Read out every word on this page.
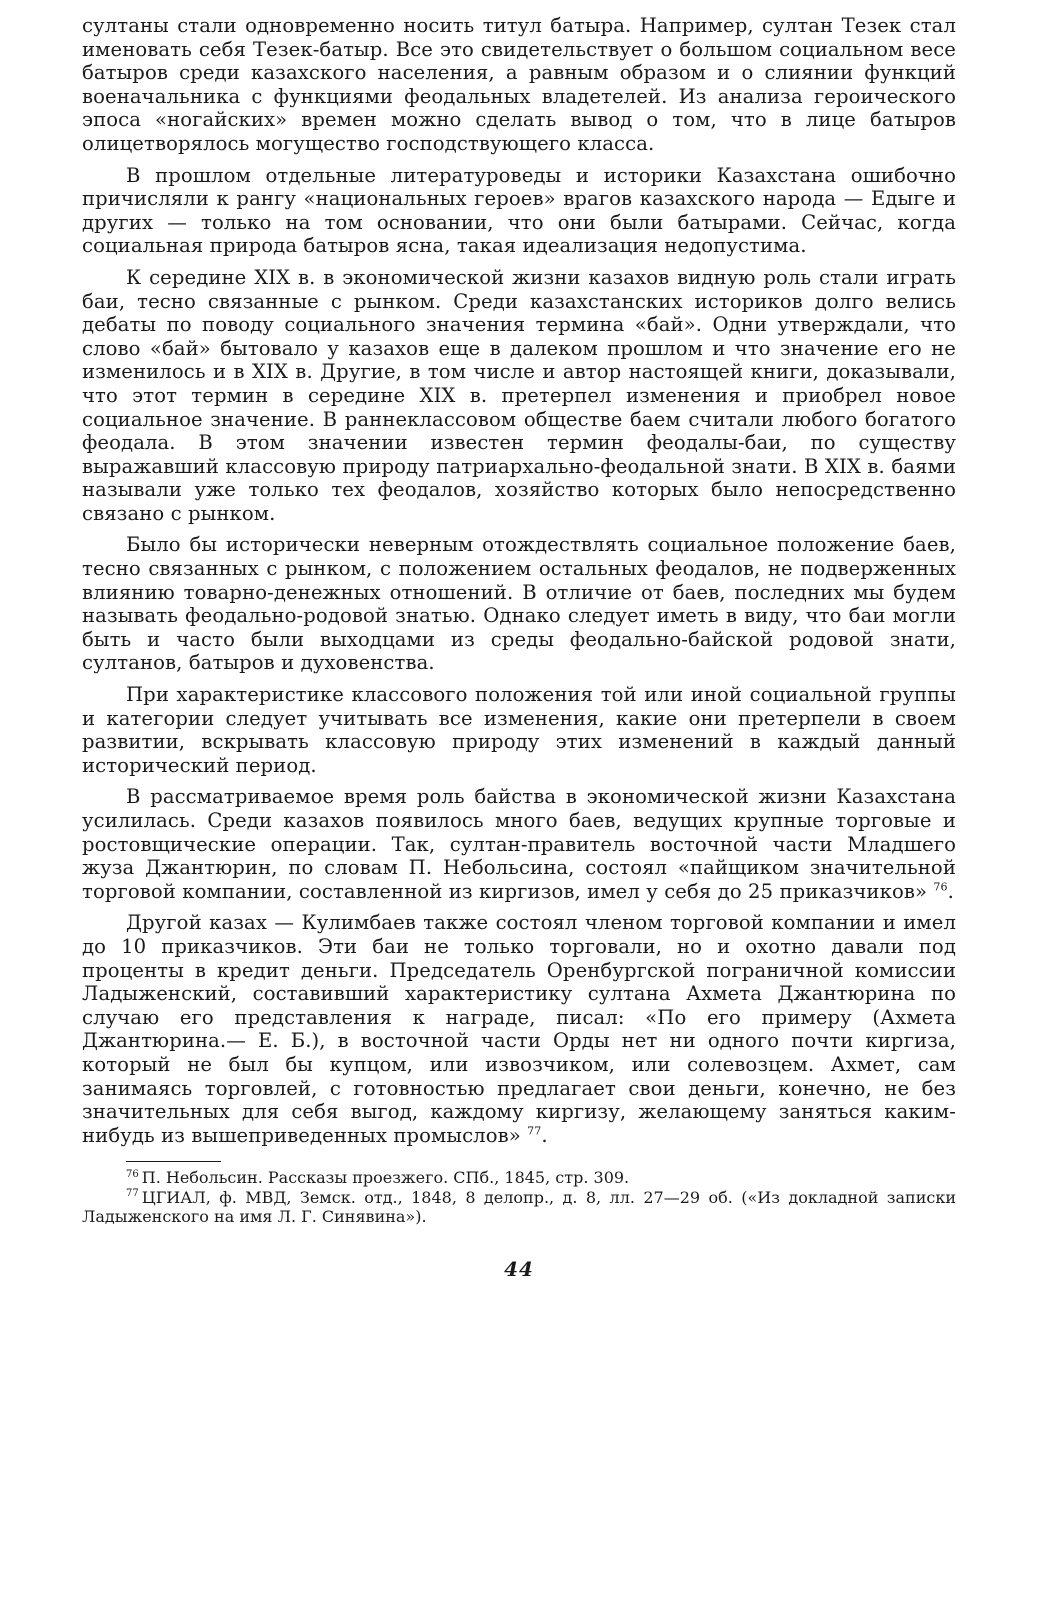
султаны стали одновременно носить титул батыра. Например, султан Тезек стал именовать себя Тезек-батыр. Все это свидетельствует о большом социальном весе батыров среди казахского населения, а равным образом и о слиянии функций военачальника с функциями феодальных владетелей. Из анализа героического эпоса «ногайских» времен можно сделать вывод о том, что в лице батыров олицетворялось могущество господствующего класса.

В прошлом отдельные литературоведы и историки Казахстана ошибочно причисляли к рангу «национальных героев» врагов казахского народа — Едыге и других — только на том основании, что они были батырами. Сейчас, когда социальная природа батыров ясна, такая идеализация недопустима.

К середине XIX в. в экономической жизни казахов видную роль стали играть баи, тесно связанные с рынком. Среди казахстанских историков долго велись дебаты по поводу социального значения термина «бай». Одни утверждали, что слово «бай» бытовало у казахов еще в далеком прошлом и что значение его не изменилось и в XIX в. Другие, в том числе и автор настоящей книги, доказывали, что этот термин в середине XIX в. претерпел изменения и приобрел новое социальное значение. В раннеклассовом обществе баем считали любого богатого феодала. В этом значении известен термин феодалы-баи, по существу выражавший классовую природу патриархально-феодальной знати. В XIX в. баями называли уже только тех феодалов, хозяйство которых было непосредственно связано с рынком.

Было бы исторически неверным отождествлять социальное положение баев, тесно связанных с рынком, с положением остальных феодалов, не подверженных влиянию товарно-денежных отношений. В отличие от баев, последних мы будем называть феодально-родовой знатью. Однако следует иметь в виду, что баи могли быть и часто были выходцами из среды феодально-байской родовой знати, султанов, батыров и духовенства.

При характеристике классового положения той или иной социальной группы и категории следует учитывать все изменения, какие они претерпели в своем развитии, вскрывать классовую природу этих изменений в каждый данный исторический период.

В рассматриваемое время роль байства в экономической жизни Казахстана усилилась. Среди казахов появилось много баев, ведущих крупные торговые и ростовщические операции. Так, султан-правитель восточной части Младшего жуза Джантюрин, по словам П. Небольсина, состоял «пайщиком значительной торговой компании, составленной из киргизов, имел у себя до 25 приказчиков» $^{76}$.

Другой казах — Кулимбаев также состоял членом торговой компании и имел до 10 приказчиков. Эти баи не только торговали, но и охотно давали под проценты в кредит деньги. Председатель Оренбургской пограничной комиссии Ладыженский, составивший характеристику султана Ахмета Джантюрина по случаю его представления к награде, писал: «По его примеру (Ахмета Джантюрина.— Е. Б.), в восточной части Орды нет ни одного почти киргиза, который не был бы купцом, или извозчиком, или солевозцем. Ахмет, сам занимаясь торговлей, с готовностью предлагает свои деньги, конечно, не без значительных для себя выгод, каждому киргизу, желающему заняться каким-нибудь из вышеприведенных промыслов» $^{77}$.

$^{76}$ П. Небольсин. Рассказы проезжего. СПб., 1845, стр. 309.

$^{77}$ ЦГИАЛ, ф. МВД, Земск. отд., 1848, 8 делопр., д. 8, лл. 27—29 об. («Из докладной записки Ладыженского на имя Л. Г. Синявина»).

44
